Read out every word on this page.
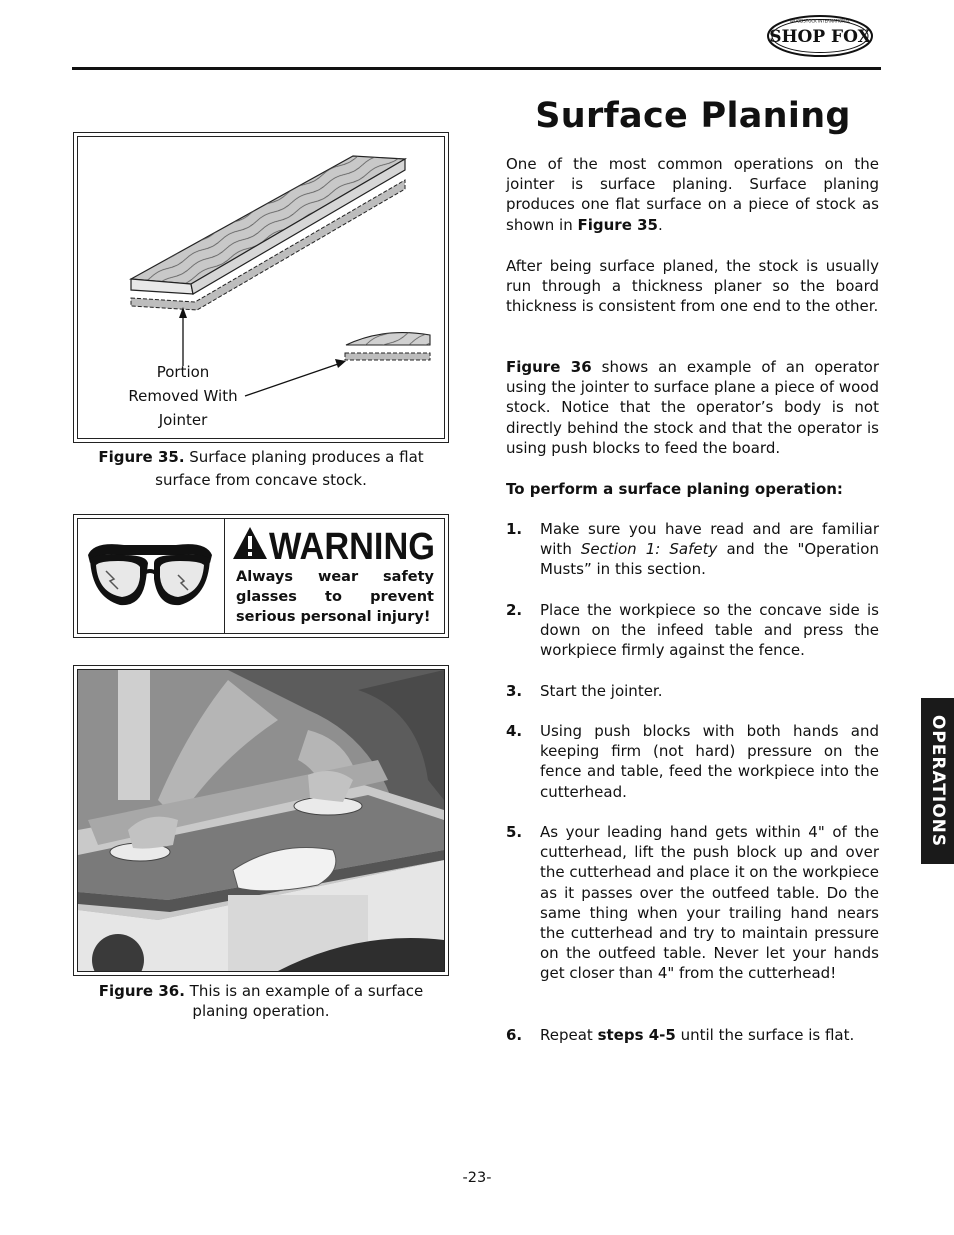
WOODSTOCK INTERNATIONAL
SHOP FOX
Surface Planing
One of the most common operations on the jointer is surface planing. Surface planing produces one flat surface on a piece of stock as shown in Figure 35.
After being surface planed, the stock is usually run through a thickness planer so the board thickness is consistent from one end to the other.
Figure 36 shows an example of an operator using the jointer to surface plane a piece of wood stock. Notice that the operator’s body is not directly behind the stock and that the operator is using push blocks to feed the board.
To perform a surface planing operation:
1. Make sure you have read and are familiar with Section 1: Safety and the "Operation Musts” in this section.
2. Place the workpiece so the concave side is down on the infeed table and press the workpiece firmly against the fence.
3. Start the jointer.
4. Using push blocks with both hands and keeping firm (not hard) pressure on the fence and table, feed the workpiece into the cutterhead.
5. As your leading hand gets within 4" of the cutterhead, lift the push block up and over the cutterhead and place it on the workpiece as it passes over the outfeed table. Do the same thing when your trailing hand nears the cutterhead and try to maintain pressure on the outfeed table. Never let your hands get closer than 4" from the cutterhead!
6. Repeat steps 4-5 until the surface is flat.
Portion
Removed With
Jointer
Figure 35. Surface planing produces a flat surface from concave stock.
WARNING
Always wear safety glasses to prevent serious personal injury!
Figure 36. This is an example of a surface planing operation.
OPERATIONS
-23-
